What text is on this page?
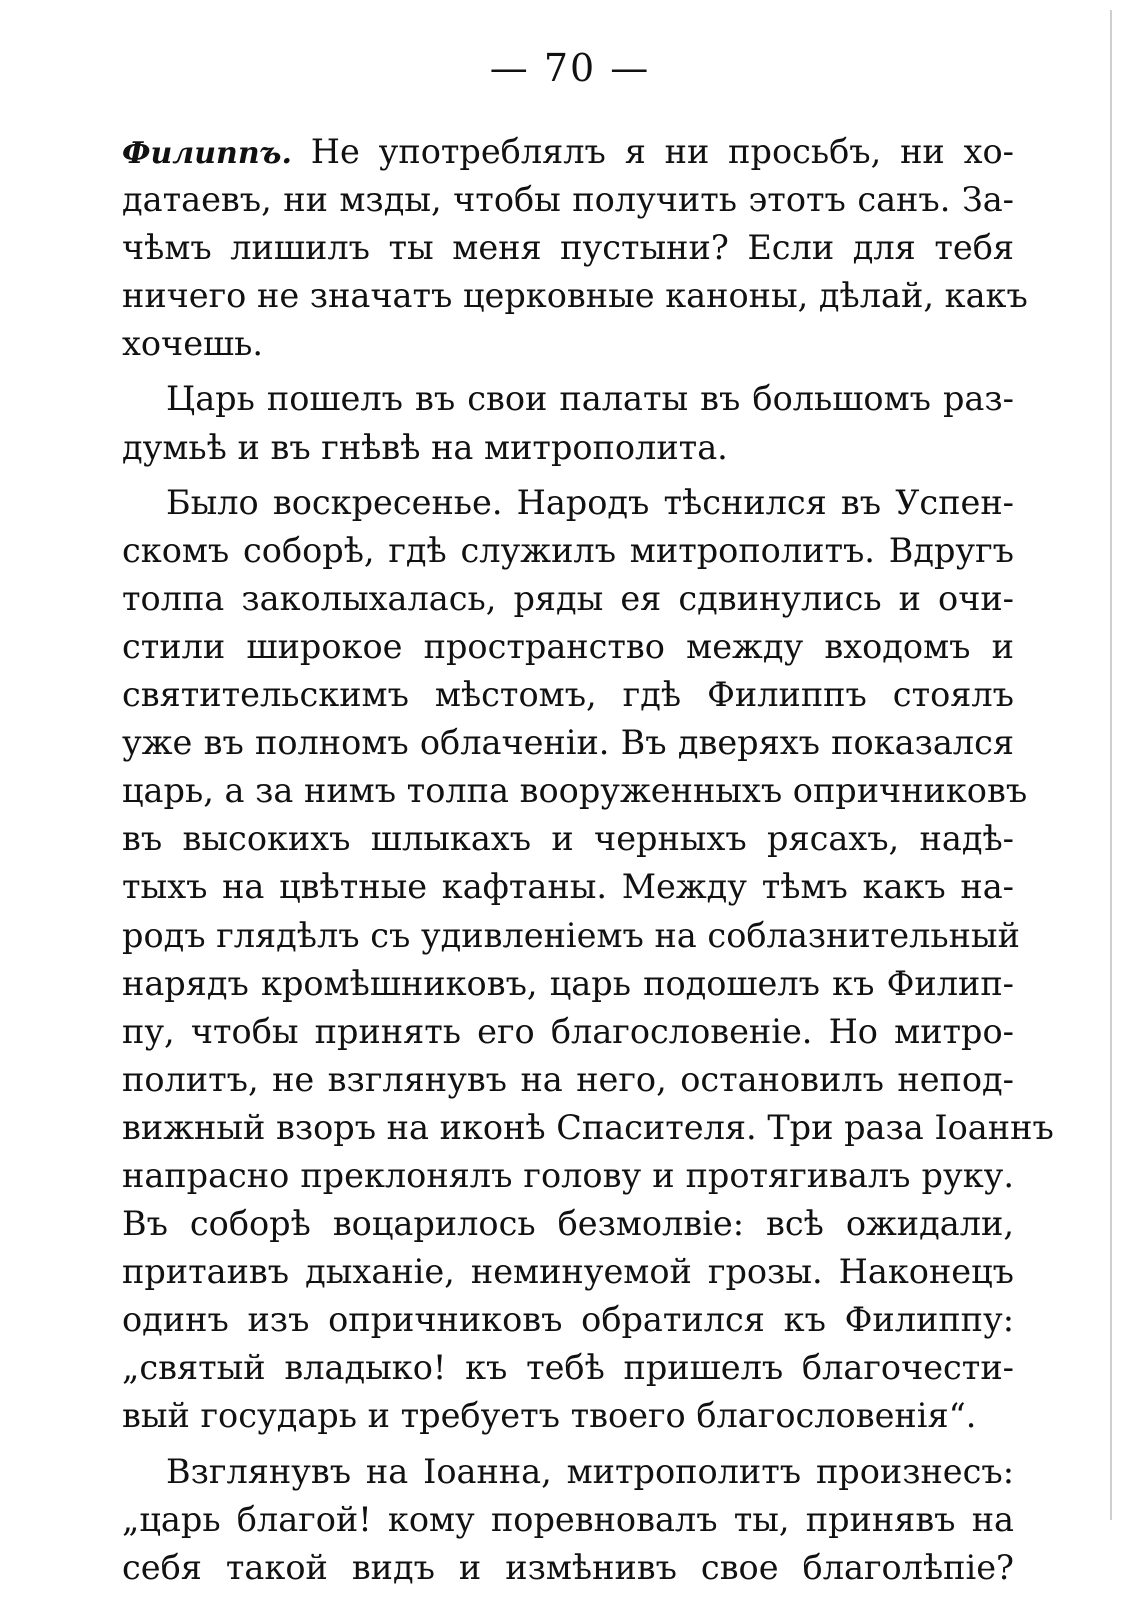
— 70 —
Филиппъ. Не употреблялъ я ни просьбъ, ни хо-
датаевъ, ни мзды, чтобы получить этотъ санъ. За-
чѣмъ лишилъ ты меня пустыни? Если для тебя
ничего не значатъ церковные каноны, дѣлай, какъ
хочешь.
Царь пошелъ въ свои палаты въ большомъ раз-
думьѣ и въ гнѣвѣ на митрополита.
Было воскресенье. Народъ тѣснился въ Успен-
скомъ соборѣ, гдѣ служилъ митрополитъ. Вдругъ
толпа заколыхалась, ряды ея сдвинулись и очи-
стили широкое пространство между входомъ и
святительскимъ мѣстомъ, гдѣ Филиппъ стоялъ
уже въ полномъ облаченіи. Въ дверяхъ показался
царь, а за нимъ толпа вооруженныхъ опричниковъ
въ высокихъ шлыкахъ и черныхъ рясахъ, надѣ-
тыхъ на цвѣтные кафтаны. Между тѣмъ какъ на-
родъ глядѣлъ съ удивленіемъ на соблазнительный
нарядъ кромѣшниковъ, царь подошелъ къ Филип-
пу, чтобы принять его благословеніе. Но митро-
политъ, не взглянувъ на него, остановилъ непод-
вижный взоръ на иконѣ Спасителя. Три раза Іоаннъ
напрасно преклонялъ голову и протягивалъ руку.
Въ соборѣ воцарилось безмолвіе: всѣ ожидали,
притаивъ дыханіе, неминуемой грозы. Наконецъ
одинъ изъ опричниковъ обратился къ Филиппу:
„святый владыко! къ тебѣ пришелъ благочести-
вый государь и требуетъ твоего благословенія“.
Взглянувъ на Іоанна, митрополитъ произнесъ:
„царь благой! кому поревновалъ ты, принявъ на
себя такой видъ и измѣнивъ свое благолѣпіе?
